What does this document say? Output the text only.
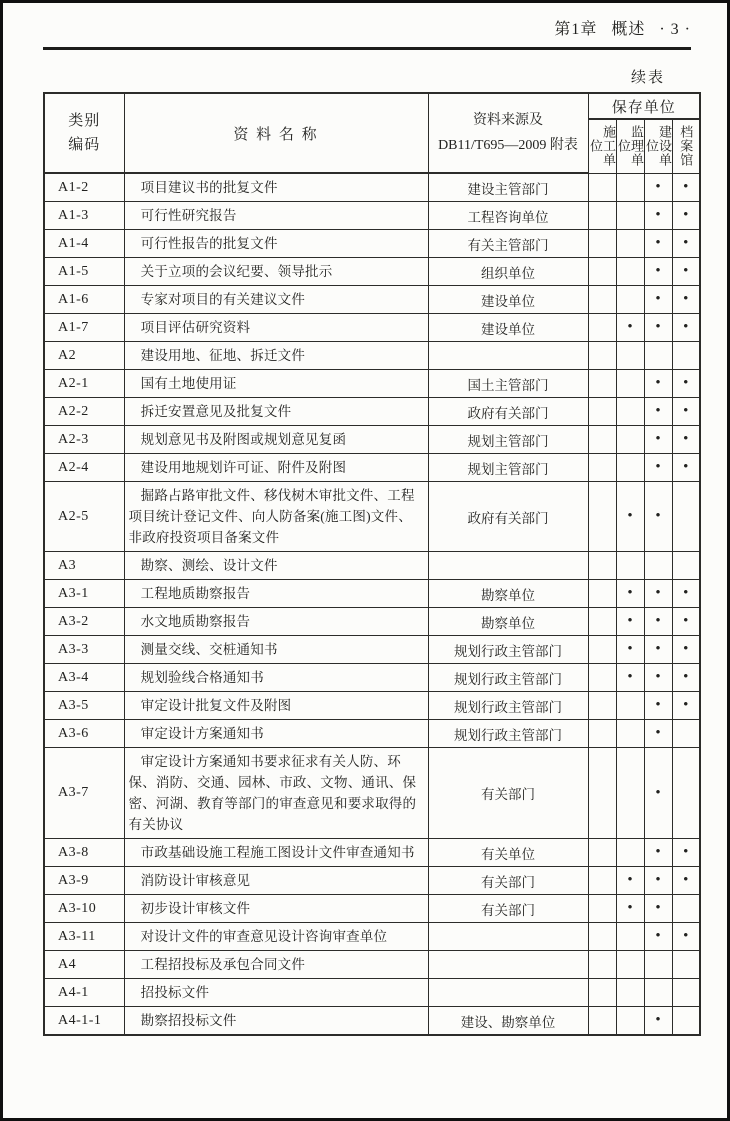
第1章 概述 · 3 ·
续表
类别
编码
	资 料 名 称	
资料来源及
DB11/T695—2009 附表
	保存单位

			施工单位	监理单位	建设单位	档案馆

A1-2	项目建议书的批复文件	建设主管部门			•	•
A1-3	可行性研究报告	工程咨询单位			•	•
A1-4	可行性报告的批复文件	有关主管部门			•	•
A1-5	关于立项的会议纪要、领导批示	组织单位			•	•
A1-6	专家对项目的有关建议文件	建设单位			•	•
A1-7	项目评估研究资料	建设单位		•	•	•
A2	建设用地、征地、拆迁文件					
A2-1	国有土地使用证	国土主管部门			•	•
A2-2	拆迁安置意见及批复文件	政府有关部门			•	•
A2-3	规划意见书及附图或规划意见复函	规划主管部门			•	•
A2-4	建设用地规划许可证、附件及附图	规划主管部门			•	•
A2-5	掘路占路审批文件、移伐树木审批文件、工程项目统计登记文件、向人防备案(施工图)文件、非政府投资项目备案文件	政府有关部门		•	•	
A3	勘察、测绘、设计文件					
A3-1	工程地质勘察报告	勘察单位		•	•	•
A3-2	水文地质勘察报告	勘察单位		•	•	•
A3-3	测量交线、交桩通知书	规划行政主管部门		•	•	•
A3-4	规划验线合格通知书	规划行政主管部门		•	•	•
A3-5	审定设计批复文件及附图	规划行政主管部门			•	•
A3-6	审定设计方案通知书	规划行政主管部门			•	
A3-7	审定设计方案通知书要求征求有关人防、环保、消防、交通、园林、市政、文物、通讯、保密、河湖、教育等部门的审查意见和要求取得的有关协议	有关部门			•	
A3-8	市政基础设施工程施工图设计文件审查通知书	有关单位			•	•
A3-9	消防设计审核意见	有关部门		•	•	•
A3-10	初步设计审核文件	有关部门		•	•	
A3-11	对设计文件的审查意见设计咨询审查单位				•	•
A4	工程招投标及承包合同文件					
A4-1	招投标文件					
A4-1-1	勘察招投标文件	建设、勘察单位			•	
